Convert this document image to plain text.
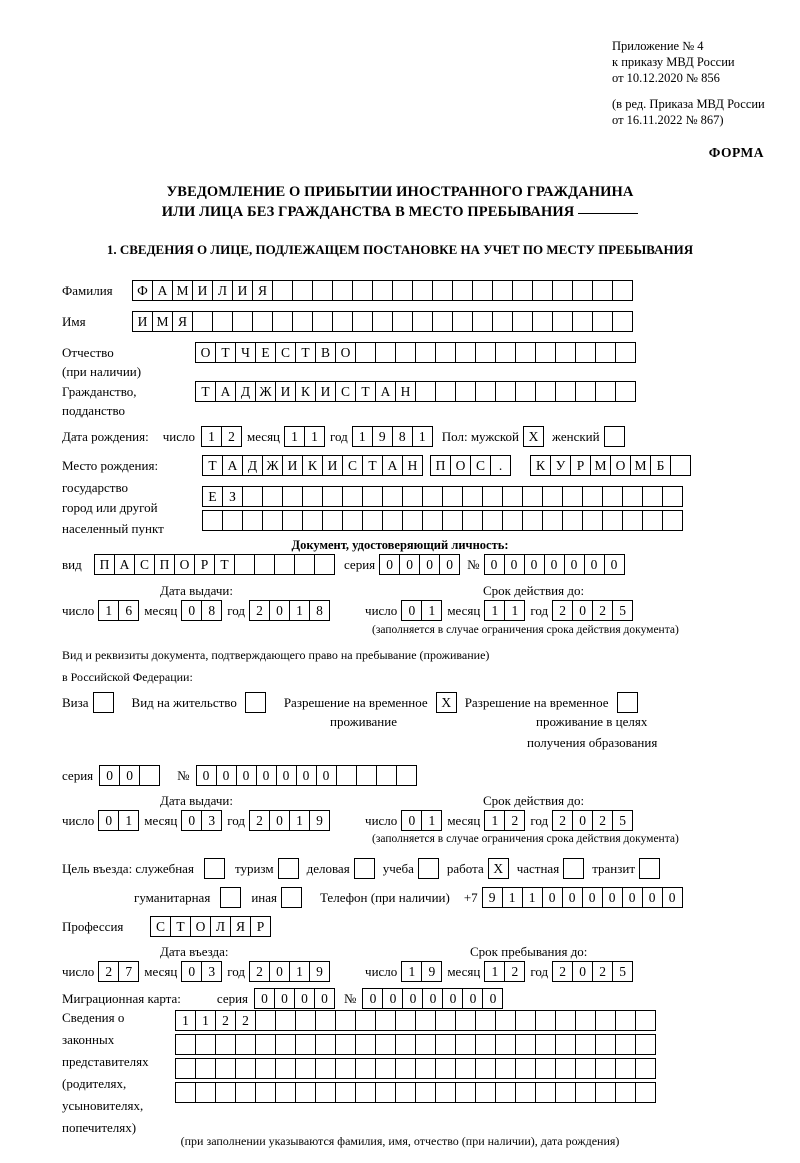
Приложение № 4
к приказу МВД России
от 10.12.2020 № 856
(в ред. Приказа МВД России
от 16.11.2022 № 867)
ФОРМА
УВЕДОМЛЕНИЕ О ПРИБЫТИИ ИНОСТРАННОГО ГРАЖДАНИНА
ИЛИ ЛИЦА БЕЗ ГРАЖДАНСТВА В МЕСТО ПРЕБЫВАНИЯ
1. СВЕДЕНИЯ О ЛИЦЕ, ПОДЛЕЖАЩЕМ ПОСТАНОВКЕ НА УЧЕТ ПО МЕСТУ ПРЕБЫВАНИЯ
Фамилия	Ф А М И Л И Я
Имя	И М Я
Отчество	О Т Ч Е С Т В О
(при наличии)
Гражданство,	Т А Д Ж И К И С Т А Н
подданство
Дата рождения: число 1 2 месяц 1 1 год 1 9 8 1	Пол: мужской Х	женский
Место рождения:	Т А Д Ж И К И С Т А Н	П О С	.	К У Р М О М Б
государство
Е З
город или другой
населенный пункт
Документ, удостоверяющий личность:
вид	П А С П О Р Т	серия 0 0 0 0	№ 0 0 0 0 0 0 0
Дата выдачи:	Срок действия до:
число 1 6 месяц 0 8 год 2 0 1 8	число 0 1 месяц 1 1 год 2 0 2 5
(заполняется в случае ограничения срока действия документа)
Вид и реквизиты документа, подтверждающего право на пребывание (проживание)
в Российской Федерации:
Виза	Вид на жительство	Разрешение на временное	Х	Разрешение на временное
проживание	проживание в целях
получения образования
серия 0 0	№ 0 0 0 0 0 0 0
Дата выдачи:	Срок действия до:
число 0 1 месяц 0 3 год 2 0 1 9	число 0 1 месяц 1 2 год 2 0 2 5
(заполняется в случае ограничения срока действия документа)
Цель въезда: служебная	туризм	деловая	учеба	работа Х	частная	транзит
гуманитарная	иная	Телефон (при наличии) +7 9 1 1 0 0 0 0 0 0 0
Профессия	С Т О Л Я Р
Дата въезда:	Срок пребывания до:
число 2 7 месяц 0 3 год 2 0 1 9	число 1 9 месяц 1 2 год 2 0 2 5
Миграционная карта:	серия 0 0 0 0	№ 0 0 0 0 0 0 0
Сведения о
законных
представителях
(родителях,
усыновителях,
попечителях)
1 1 2 2
(при заполнении указываются фамилия, имя, отчество (при наличии), дата рождения)
